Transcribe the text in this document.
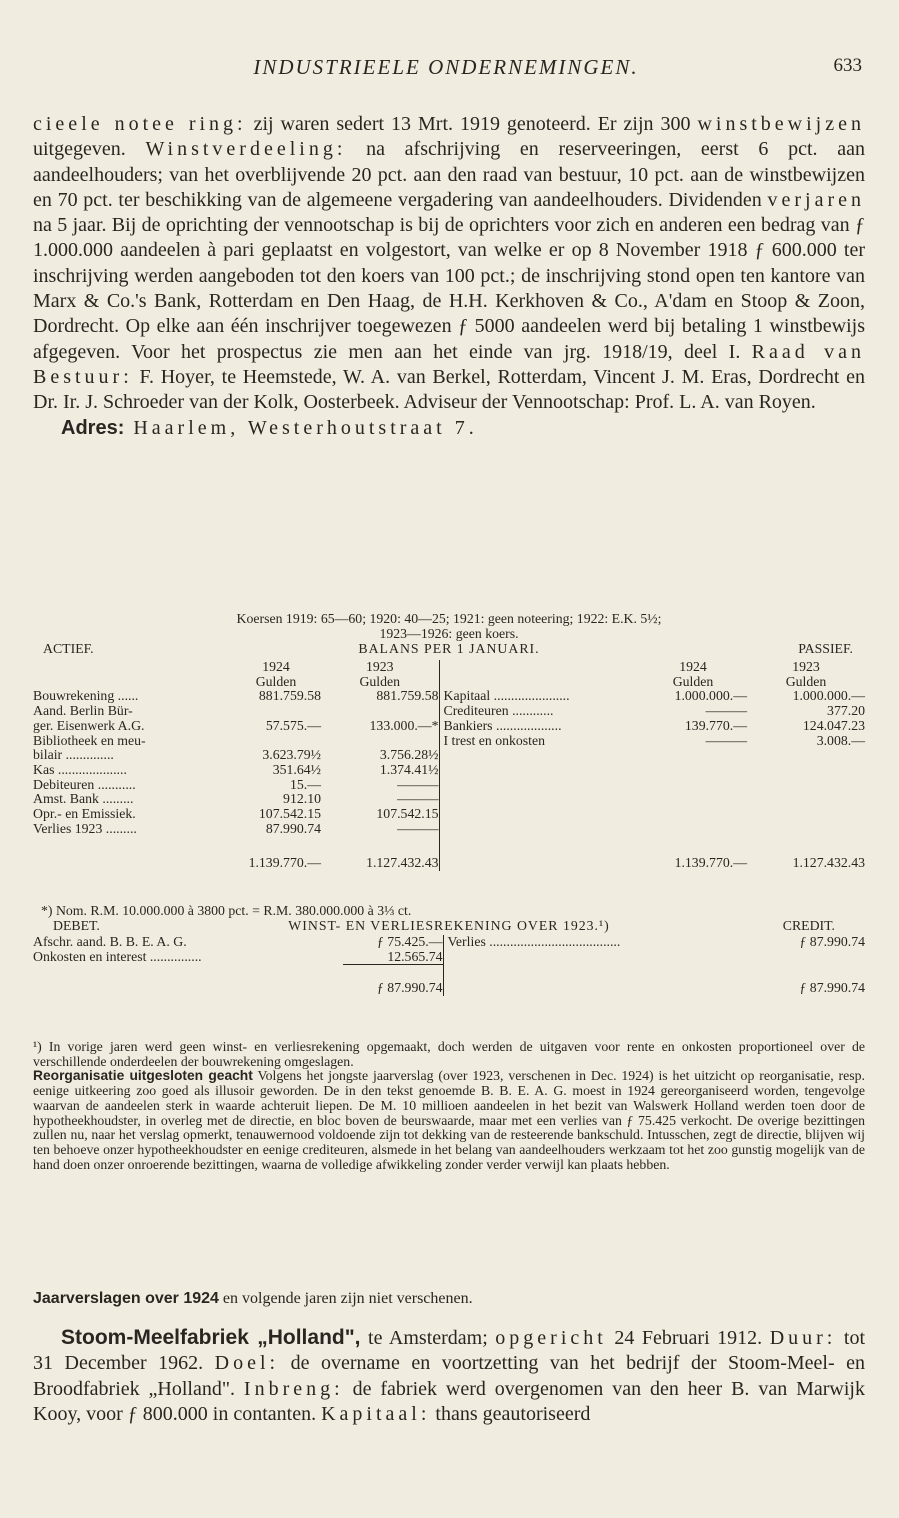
INDUSTRIEELE ONDERNEMINGEN.	633
cieele notee ring: zij waren sedert 13 Mrt. 1919 genoteerd. Er zijn 300 winstbewijzen uitgegeven. Winstverdeeling: na afschrijving en reserveeringen, eerst 6 pct. aan aandeelhouders; van het overblijvende 20 pct. aan den raad van bestuur, 10 pct. aan de winstbewijzen en 70 pct. ter beschikking van de algemeene vergadering van aandeelhouders. Dividenden verjaren na 5 jaar. Bij de oprichting der vennootschap is bij de oprichters voor zich en anderen een bedrag van ƒ 1.000.000 aandeelen à pari geplaatst en volgestort, van welke er op 8 November 1918 ƒ 600.000 ter inschrijving werden aangeboden tot den koers van 100 pct.; de inschrijving stond open ten kantore van Marx & Co.'s Bank, Rotterdam en Den Haag, de H.H. Kerkhoven & Co., A'dam en Stoop & Zoon, Dordrecht. Op elke aan één inschrijver toegewezen ƒ 5000 aandeelen werd bij betaling 1 winstbewijs afgegeven. Voor het prospectus zie men aan het einde van jrg. 1918/19, deel I. Raad van Bestuur: F. Hoyer, te Heemstede, W. A. van Berkel, Rotterdam, Vincent J. M. Eras, Dordrecht en Dr. Ir. J. Schroeder van der Kolk, Oosterbeek. Adviseur der Vennootschap: Prof. L. A. van Royen.
Adres: Haarlem, Westerhoutstraat 7.
Koersen 1919: 65—60; 1920: 40—25; 1921: geen noteering; 1922: E.K. 5½;
1923—1926: geen koers.
ACTIEF.	BALANS PER 1 JANUARI.	PASSIEF.
	1924	1923		1924	1923
	Gulden	Gulden		Gulden	Gulden
Bouwrekening ......	881.759.58	881.759.58	Kapitaal ......................	1.000.000.—	1.000.000.—
Aand. Berlin Bür-			Crediteuren ............	———	377.20
ger. Eisenwerk A.G.	57.575.—	133.000.—*	Bankiers ...................	139.770.—	124.047.23
Bibliotheek en meu-			I trest en onkosten	———	3.008.—
bilair ..............	3.623.79½	3.756.28½			
Kas ....................	351.64½	1.374.41½			
Debiteuren ...........	15.—	———			
Amst. Bank .........	912.10	———			
Opr.- en Emissiek.	107.542.15	107.542.15			
Verlies 1923 .........	87.990.74	———			

	1.139.770.—	1.127.432.43		1.139.770.—	1.127.432.43
*) Nom. R.M. 10.000.000 à 3800 pct. = R.M. 380.000.000 à 3⅓ ct.
DEBET.	WINST- EN VERLIESREKENING OVER 1923.¹)	CREDIT.
Afschr. aand. B. B. E. A. G.	ƒ 75.425.—	Verlies ...................................... ƒ 87.990.74

Onkosten en interest ...............	12.565.74	

	ƒ 87.990.74	ƒ 87.990.74
¹) In vorige jaren werd geen winst- en verliesrekening opgemaakt, doch werden de uitgaven voor rente en onkosten proportioneel over de verschillende onderdeelen der bouwrekening omgeslagen.
Reorganisatie uitgesloten geacht Volgens het jongste jaarverslag (over 1923, verschenen in Dec. 1924) is het uitzicht op reorganisatie, resp. eenige uitkeering zoo goed als illusoir geworden. De in den tekst genoemde B. B. E. A. G. moest in 1924 gereorganiseerd worden, tengevolge waarvan de aandeelen sterk in waarde achteruit liepen. De M. 10 millioen aandeelen in het bezit van Walswerk Holland werden toen door de hypotheekhoudster, in overleg met de directie, en bloc boven de beurswaarde, maar met een verlies van ƒ 75.425 verkocht. De overige bezittingen zullen nu, naar het verslag opmerkt, tenauwernood voldoende zijn tot dekking van de resteerende bankschuld. Intusschen, zegt de directie, blijven wij ten behoeve onzer hypotheekhoudster en eenige crediteuren, alsmede in het belang van aandeelhouders werkzaam tot het zoo gunstig mogelijk van de hand doen onzer onroerende bezittingen, waarna de volledige afwikkeling zonder verder verwijl kan plaats hebben.
Jaarverslagen over 1924 en volgende jaren zijn niet verschenen.
Stoom-Meelfabriek „Holland", te Amsterdam; opgericht 24 Februari 1912. Duur: tot 31 December 1962. Doel: de overname en voortzetting van het bedrijf der Stoom-Meel- en Broodfabriek „Holland". Inbreng: de fabriek werd overgenomen van den heer B. van Marwijk Kooy, voor ƒ 800.000 in contanten. Kapitaal: thans geautoriseerd
